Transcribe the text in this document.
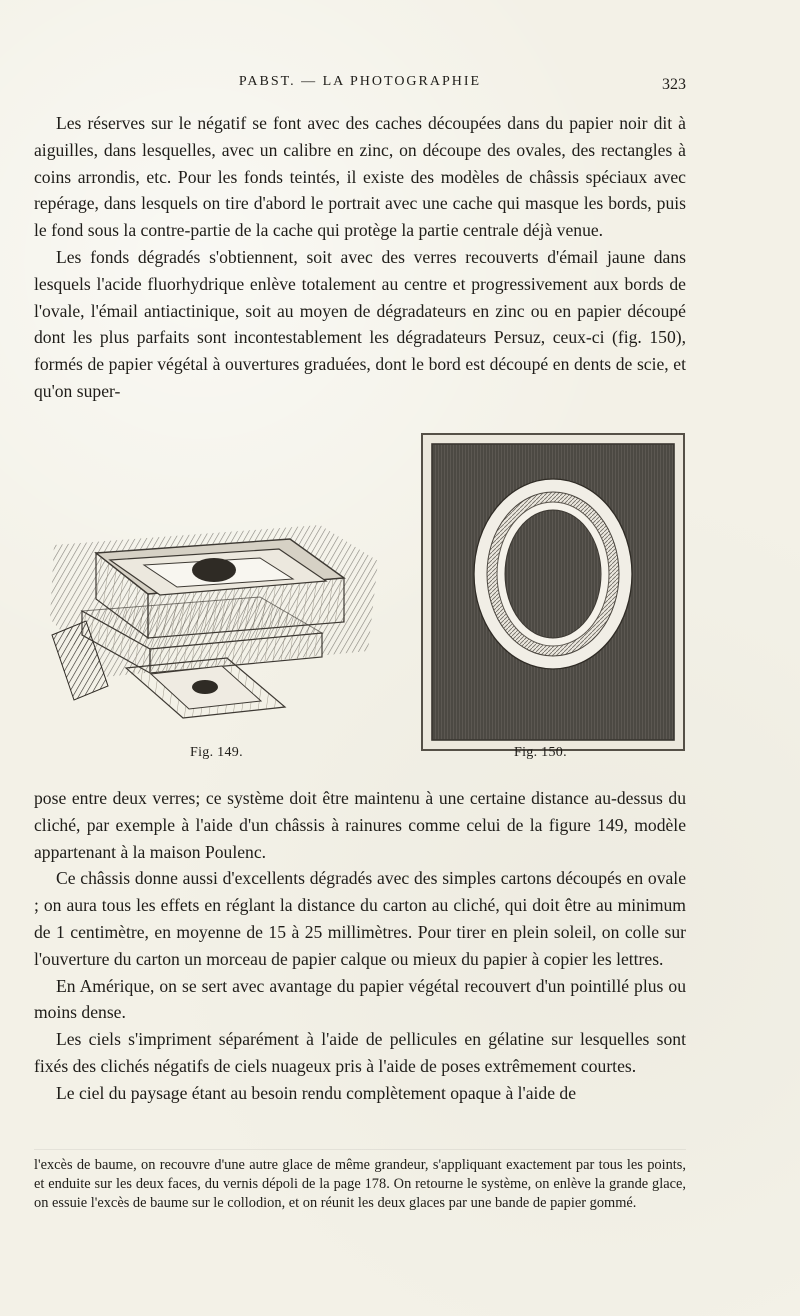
PABST. — LA PHOTOGRAPHIE	323

Les réserves sur le négatif se font avec des caches découpées dans du papier noir dit à aiguilles, dans lesquelles, avec un calibre en zinc, on découpe des ovales, des rectangles à coins arrondis, etc. Pour les fonds teintés, il existe des modèles de châssis spéciaux avec repérage, dans lesquels on tire d'abord le portrait avec une cache qui masque les bords, puis le fond sous la contre-partie de la cache qui protège la partie centrale déjà venue.

Les fonds dégradés s'obtiennent, soit avec des verres recouverts d'émail jaune dans lesquels l'acide fluorhydrique enlève totalement au centre et progressivement aux bords de l'ovale, l'émail antiactinique, soit au moyen de dégradateurs en zinc ou en papier découpé dont les plus parfaits sont incontestablement les dégradateurs Persuz, ceux-ci (fig. 150), formés de papier végétal à ouvertures graduées, dont le bord est découpé en dents de scie, et qu'on super-

Fig. 149.	Fig. 150.

pose entre deux verres; ce système doit être maintenu à une certaine distance au-dessus du cliché, par exemple à l'aide d'un châssis à rainures comme celui de la figure 149, modèle appartenant à la maison Poulenc.

Ce châssis donne aussi d'excellents dégradés avec des simples cartons découpés en ovale ; on aura tous les effets en réglant la distance du carton au cliché, qui doit être au minimum de 1 centimètre, en moyenne de 15 à 25 millimètres. Pour tirer en plein soleil, on colle sur l'ouverture du carton un morceau de papier calque ou mieux du papier à copier les lettres.

En Amérique, on se sert avec avantage du papier végétal recouvert d'un pointillé plus ou moins dense.

Les ciels s'impriment séparément à l'aide de pellicules en gélatine sur lesquelles sont fixés des clichés négatifs de ciels nuageux pris à l'aide de poses extrêmement courtes.

Le ciel du paysage étant au besoin rendu complètement opaque à l'aide de

l'excès de baume, on recouvre d'une autre glace de même grandeur, s'appliquant exactement par tous les points, et enduite sur les deux faces, du vernis dépoli de la page 178. On retourne le système, on enlève la grande glace, on essuie l'excès de baume sur le collodion, et on réunit les deux glaces par une bande de papier gommé.
